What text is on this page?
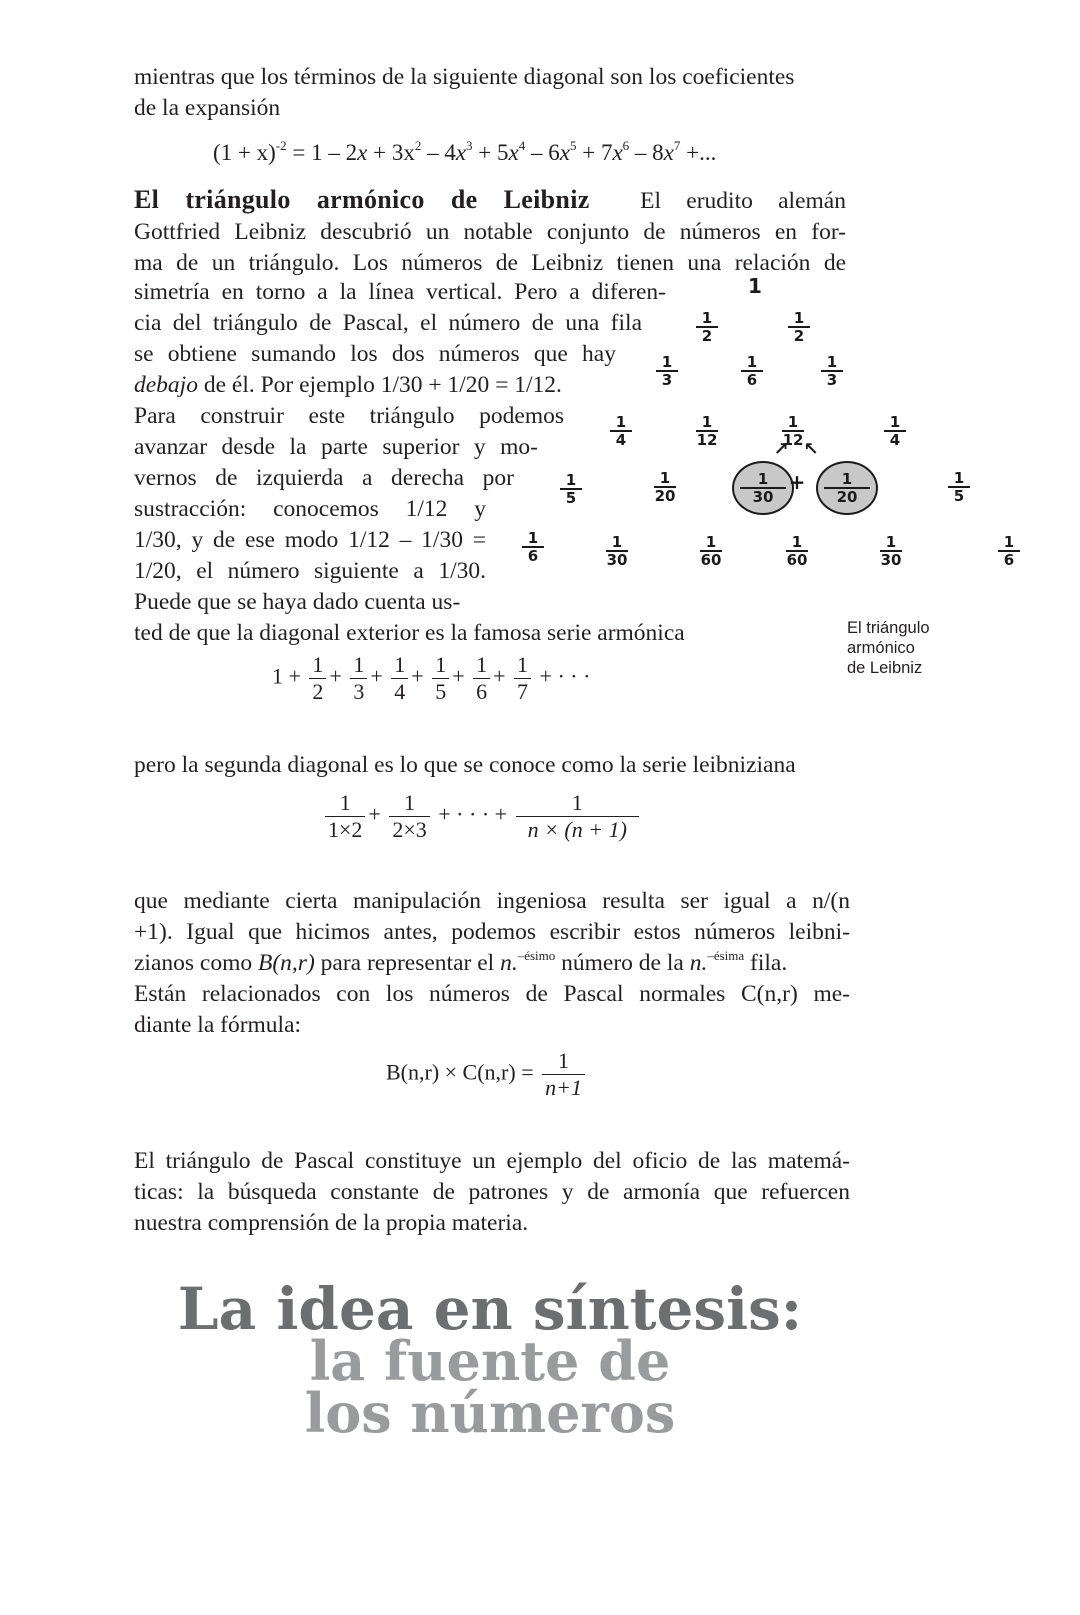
mientras que los términos de la siguiente diagonal son los coeficientes
de la expansión
$(1 + x)^{-2} = 1 - 2x + 3x^2 - 4x^3 + 5x^4 - 6x^5 + 7x^6 - 8x^7$ +...
El triángulo armónico de Leibniz El erudito alemán
Gottfried Leibniz descubrió un notable conjunto de números en for-
ma de un triángulo. Los números de Leibniz tienen una relación de
simetría en torno a la línea vertical. Pero a diferen-
cia del triángulo de Pascal, el número de una fila
se obtiene sumando los dos números que hay
debajo de él. Por ejemplo 1/30 + 1/20 = 1/12.
Para construir este triángulo podemos
avanzar desde la parte superior y mo-
vernos de izquierda a derecha por
sustracción: conocemos 1/12 y
1/30, y de ese modo 1/12 – 1/30 =
1/20, el número siguiente a 1/30.
Puede que se haya dado cuenta us-
ted de que la diagonal exterior es la famosa serie armónica
1
1
2
1
2
1
3
1
6
1
3
1
4
1
12
1
12
1
4
↗ ↖
1
5
1
20
1
30
+	1
20
1
5
1
6
1
30
1
60
1
60
1
30
1
6
El triángulo
armónico
de Leibniz
$1 + \frac{1}{2} + \frac{1}{3} + \frac{1}{4} + \frac{1}{5} + \frac{1}{6} + \frac{1}{7}$ + · · ·
pero la segunda diagonal es lo que se conoce como la serie leibniziana
$\frac{1}{1\times 2} + \frac{1}{2\times 3}$ + · · · + $\frac{1}{n \times (n + 1)}$
que mediante cierta manipulación ingeniosa resulta ser igual a n/(n
+1). Igual que hicimos antes, podemos escribir estos números leibni-
zianos como B(n,r) para representar el n.$^{-ésimo}$ número de la n.$^{-ésima}$ fila.
Están relacionados con los números de Pascal normales C(n,r) me-
diante la fórmula:
$B(n,r) \times C(n,r) = \frac{1}{n+1}$
El triángulo de Pascal constituye un ejemplo del oficio de las matemá-
ticas: la búsqueda constante de patrones y de armonía que refuercen
nuestra comprensión de la propia materia.
La idea en síntesis:
la fuente de
los números
